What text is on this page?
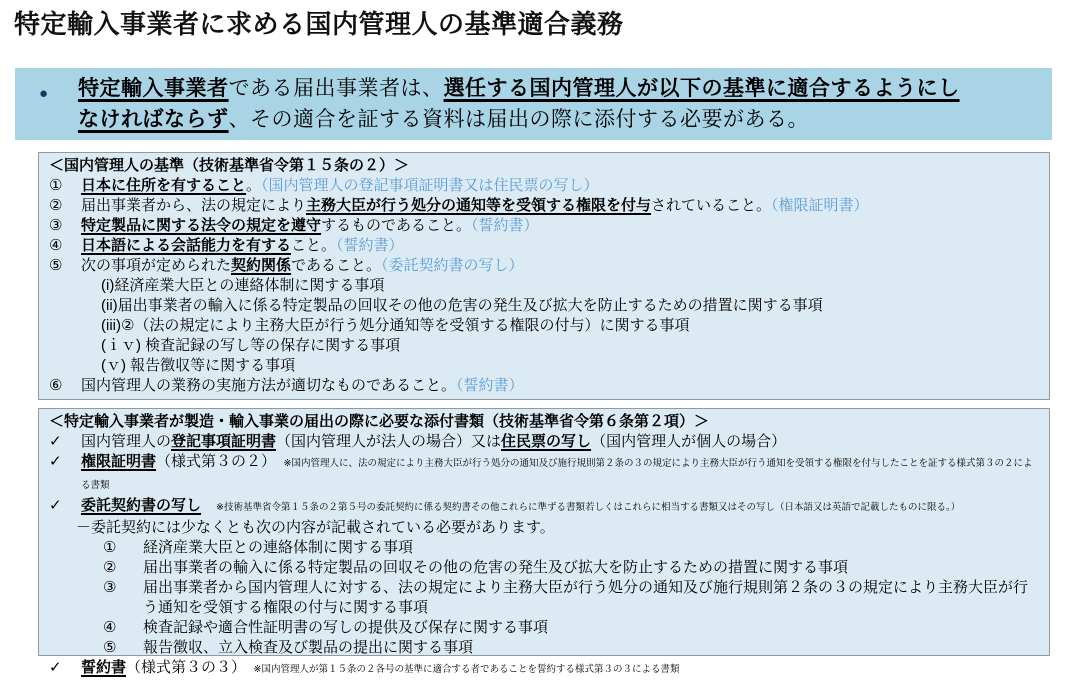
特定輸入事業者に求める国内管理人の基準適合義務
● 特定輸入事業者である届出事業者は、選任する国内管理人が以下の基準に適合するようにし
なければならず、その適合を証する資料は届出の際に添付する必要がある。

＜国内管理人の基準（技術基準省令第１５条の２）＞
①	日本に住所を有すること。（国内管理人の登記事項証明書又は住民票の写し）
②	届出事業者から、法の規定により主務大臣が行う処分の通知等を受領する権限を付与されていること。（権限証明書）
③	特定製品に関する法令の規定を遵守するものであること。（誓約書）
④	日本語による会話能力を有すること。（誓約書）
⑤	次の事項が定められた契約関係であること。（委託契約書の写し）
(i)経済産業大臣との連絡体制に関する事項
(ii)届出事業者の輸入に係る特定製品の回収その他の危害の発生及び拡大を防止するための措置に関する事項
(iii)②（法の規定により主務大臣が行う処分通知等を受領する権限の付与）に関する事項
(ｉｖ) 検査記録の写し等の保存に関する事項
(ｖ) 報告徴収等に関する事項
⑥	国内管理人の業務の実施方法が適切なものであること。（誓約書）
＜特定輸入事業者が製造・輸入事業の届出の際に必要な添付書類（技術基準省令第６条第２項）＞
✓	国内管理人の登記事項証明書（国内管理人が法人の場合）又は住民票の写し（国内管理人が個人の場合）
✓	権限証明書（様式第３の２）　※国内管理人に、法の規定により主務大臣が行う処分の通知及び施行規則第２条の３の規定により主務大臣が行う通知を受領する権限を付与したことを証する様式第３の２による書類
✓	委託契約書の写し　 ※技術基準省令第１５条の２第５号の委託契約に係る契約書その他これらに準ずる書類若しくはこれらに相当する書類又はその写し（日本語又は英語で記載したものに限る。）
－委託契約には少なくとも次の内容が記載されている必要があります。
①	経済産業大臣との連絡体制に関する事項
②	届出事業者の輸入に係る特定製品の回収その他の危害の発生及び拡大を防止するための措置に関する事項
③	届出事業者から国内管理人に対する、法の規定により主務大臣が行う処分の通知及び施行規則第２条の３の規定により主務大臣が行う通知を受領する権限の付与に関する事項
④	検査記録や適合性証明書の写しの提供及び保存に関する事項
⑤	報告徴収、立入検査及び製品の提出に関する事項
✓	誓約書（様式第３の３）　※国内管理人が第１５条の２各号の基準に適合する者であることを誓約する様式第３の３による書類
